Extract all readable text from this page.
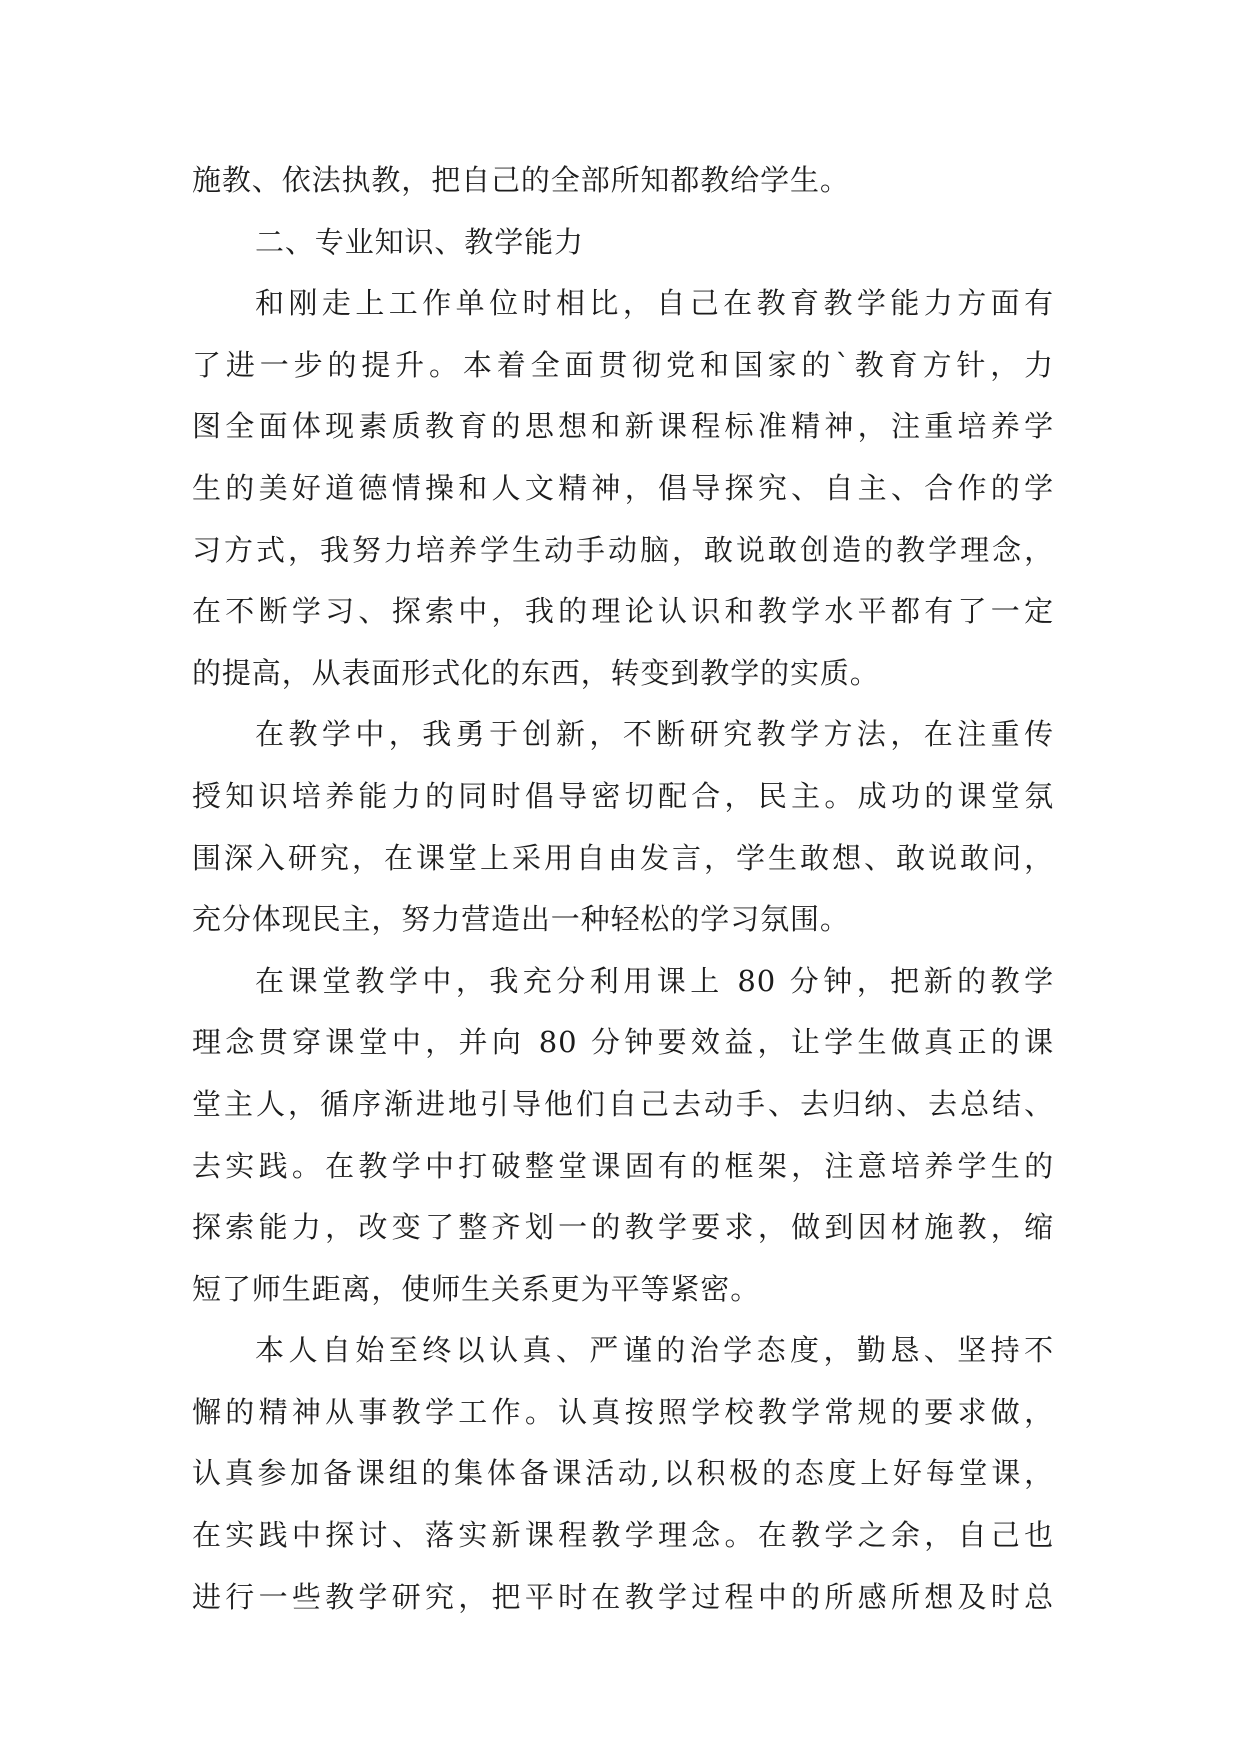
施教、依法执教，把自己的全部所知都教给学生。
二、专业知识、教学能力
和刚走上工作单位时相比，自己在教育教学能力方面有
了进一步的提升。本着全面贯彻党和国家的`教育方针，力
图全面体现素质教育的思想和新课程标准精神，注重培养学
生的美好道德情操和人文精神，倡导探究、自主、合作的学
习方式，我努力培养学生动手动脑，敢说敢创造的教学理念，
在不断学习、探索中，我的理论认识和教学水平都有了一定
的提高，从表面形式化的东西，转变到教学的实质。
在教学中，我勇于创新，不断研究教学方法，在注重传
授知识培养能力的同时倡导密切配合，民主。成功的课堂氛
围深入研究，在课堂上采用自由发言，学生敢想、敢说敢问，
充分体现民主，努力营造出一种轻松的学习氛围。
在课堂教学中，我充分利用课上 80 分钟，把新的教学
理念贯穿课堂中，并向 80 分钟要效益，让学生做真正的课
堂主人，循序渐进地引导他们自己去动手、去归纳、去总结、
去实践。在教学中打破整堂课固有的框架，注意培养学生的
探索能力，改变了整齐划一的教学要求，做到因材施教，缩
短了师生距离，使师生关系更为平等紧密。
本人自始至终以认真、严谨的治学态度，勤恳、坚持不
懈的精神从事教学工作。认真按照学校教学常规的要求做，
认真参加备课组的集体备课活动,以积极的态度上好每堂课，
在实践中探讨、落实新课程教学理念。在教学之余，自己也
进行一些教学研究，把平时在教学过程中的所感所想及时总
